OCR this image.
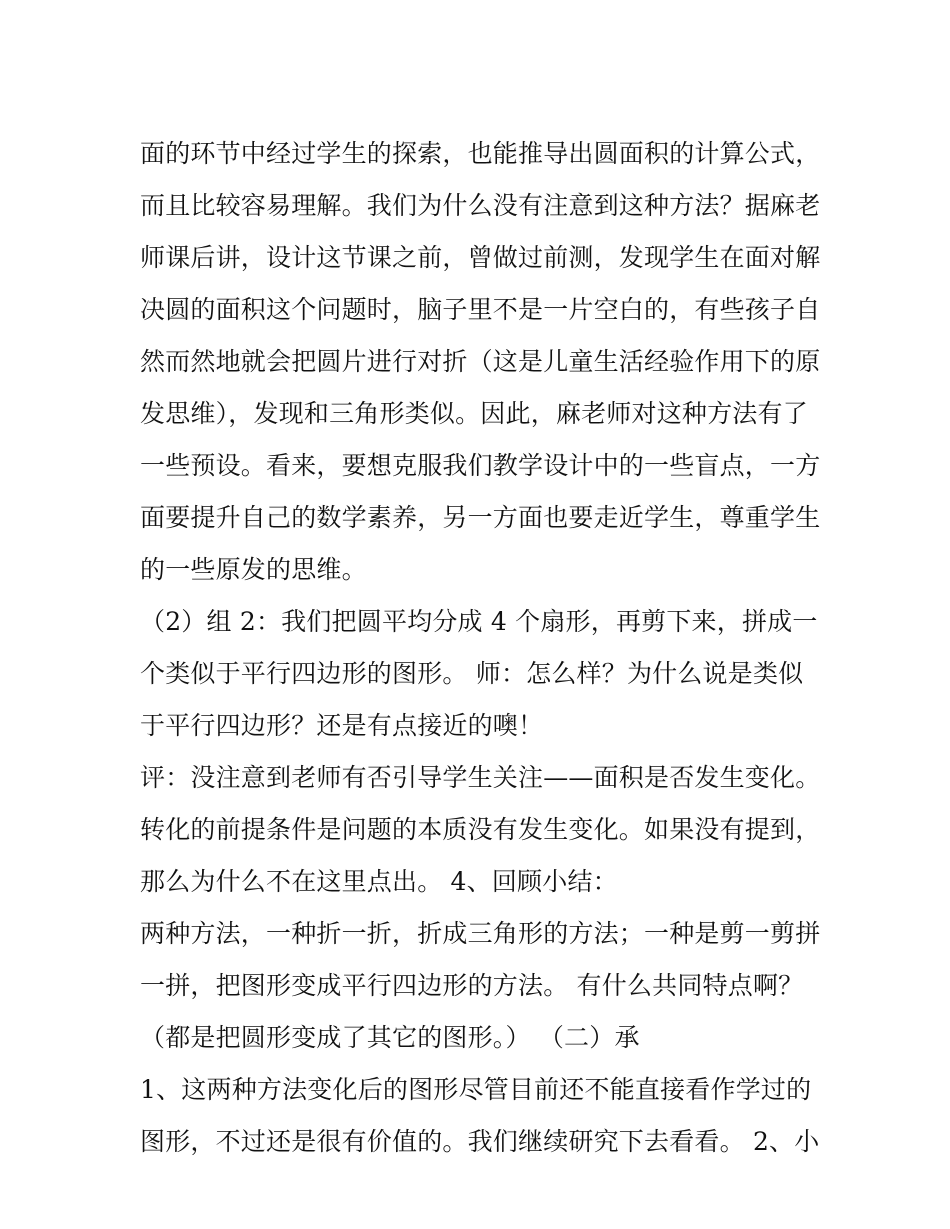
面的环节中经过学生的探索，也能推导出圆面积的计算公式，
而且比较容易理解。我们为什么没有注意到这种方法？据麻老
师课后讲，设计这节课之前，曾做过前测，发现学生在面对解
决圆的面积这个问题时，脑子里不是一片空白的，有些孩子自
然而然地就会把圆片进行对折（这是儿童生活经验作用下的原
发思维），发现和三角形类似。因此，麻老师对这种方法有了
一些预设。看来，要想克服我们教学设计中的一些盲点，一方
面要提升自己的数学素养，另一方面也要走近学生，尊重学生
的一些原发的思维。
（2）组 2：我们把圆平均分成 4 个扇形，再剪下来，拼成一
个类似于平行四边形的图形。 师：怎么样？为什么说是类似
于平行四边形？还是有点接近的噢！
评：没注意到老师有否引导学生关注——面积是否发生变化。
转化的前提条件是问题的本质没有发生变化。如果没有提到，
那么为什么不在这里点出。 4、回顾小结：
两种方法，一种折一折，折成三角形的方法；一种是剪一剪拼
一拼，把图形变成平行四边形的方法。 有什么共同特点啊？
（都是把圆形变成了其它的图形。） （二）承
1、这两种方法变化后的图形尽管目前还不能直接看作学过的
图形，不过还是很有价值的。我们继续研究下去看看。 2、小
